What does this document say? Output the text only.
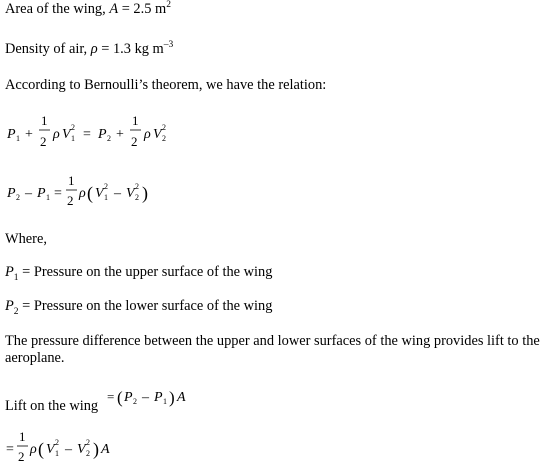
Area of the wing, A = 2.5 $m^2$
Density of air, ρ = 1.3 kg $m^{-3}$
According to Bernoulli’s theorem, we have the relation:
P 1 +
1
2 ρ V 2
1 = P 2 +
1
2 ρ V 2
2
P 2 – P 1 =
1
2 ρ ( V 2
1 – V 2
2 )
Where,
$P_1$ = Pressure on the upper surface of the wing
$P_2$ = Pressure on the lower surface of the wing
The pressure difference between the upper and lower surfaces of the wing provides lift to the aeroplane.
Lift on the wing
= ( P 2 – P 1 ) A
=
1
2 ρ ( V 2
1 – V 2
2 ) A
